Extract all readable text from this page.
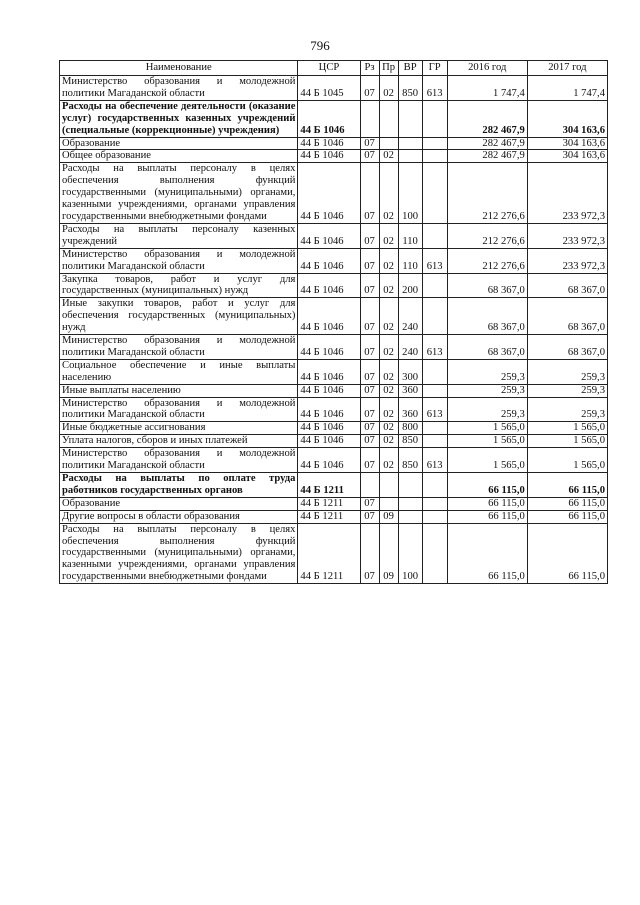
796
Наименование	ЦСР	Рз	Пр	ВР	ГР	2016 год	2017 год
Министерство образования и молодежной политики Магаданской области	44 Б 1045	07	02	850	613	1 747,4	1 747,4
Расходы на обеспечение деятельности (оказание услуг) государственных казенных учреждений (специальные (коррекционные) учреждения)	44 Б 1046					282 467,9	304 163,6
Образование	44 Б 1046	07				282 467,9	304 163,6
Общее образование	44 Б 1046	07	02			282 467,9	304 163,6
Расходы на выплаты персоналу в целях обеспечения выполнения функций государственными (муниципальными) органами, казенными учреждениями, органами управления государственными внебюджетными фондами	44 Б 1046	07	02	100		212 276,6	233 972,3
Расходы на выплаты персоналу казенных учреждений	44 Б 1046	07	02	110		212 276,6	233 972,3
Министерство образования и молодежной политики Магаданской области	44 Б 1046	07	02	110	613	212 276,6	233 972,3
Закупка товаров, работ и услуг для государственных (муниципальных) нужд	44 Б 1046	07	02	200		68 367,0	68 367,0
Иные закупки товаров, работ и услуг для обеспечения государственных (муниципальных) нужд	44 Б 1046	07	02	240		68 367,0	68 367,0
Министерство образования и молодежной политики Магаданской области	44 Б 1046	07	02	240	613	68 367,0	68 367,0
Социальное обеспечение и иные выплаты населению	44 Б 1046	07	02	300		259,3	259,3
Иные выплаты населению	44 Б 1046	07	02	360		259,3	259,3
Министерство образования и молодежной политики Магаданской области	44 Б 1046	07	02	360	613	259,3	259,3
Иные бюджетные ассигнования	44 Б 1046	07	02	800		1 565,0	1 565,0
Уплата налогов, сборов и иных платежей	44 Б 1046	07	02	850		1 565,0	1 565,0
Министерство образования и молодежной политики Магаданской области	44 Б 1046	07	02	850	613	1 565,0	1 565,0
Расходы на выплаты по оплате труда работников государственных органов	44 Б 1211					66 115,0	66 115,0
Образование	44 Б 1211	07				66 115,0	66 115,0
Другие вопросы в области образования	44 Б 1211	07	09			66 115,0	66 115,0
Расходы на выплаты персоналу в целях обеспечения выполнения функций государственными (муниципальными) органами, казенными учреждениями, органами управления государственными внебюджетными фондами	44 Б 1211	07	09	100		66 115,0	66 115,0
